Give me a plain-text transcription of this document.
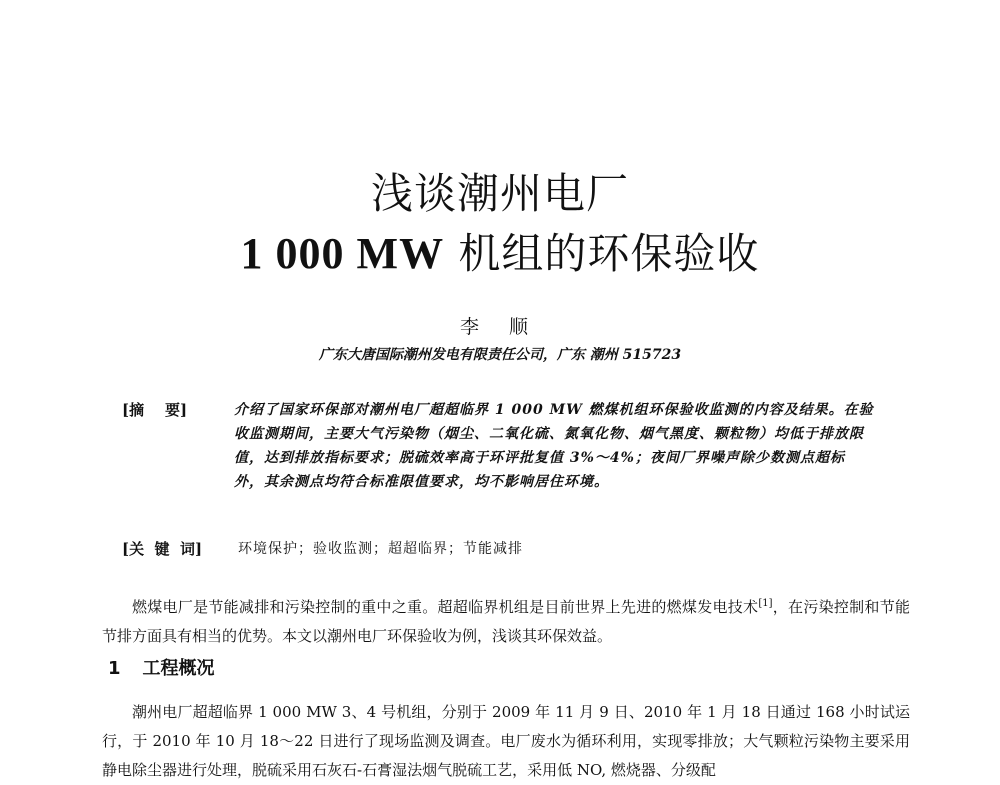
浅谈潮州电厂
1 000 MW 机组的环保验收
李 顺
广东大唐国际潮州发电有限责任公司，广东 潮州 515723
[摘    要]	介绍了国家环保部对潮州电厂超超临界 1 000 MW 燃煤机组环保验收监测的内容及结果。在验收监测期间，主要大气污染物（烟尘、二氧化硫、氮氧化物、烟气黑度、颗粒物）均低于排放限值，达到排放指标要求；脱硫效率高于环评批复值 3%～4%；夜间厂界噪声除少数测点超标外，其余测点均符合标准限值要求，均不影响居住环境。
[关  键  词]	环境保护；验收监测；超超临界；节能减排
燃煤电厂是节能减排和污染控制的重中之重。超超临界机组是目前世界上先进的燃煤发电技术[1]，在污染控制和节能节排方面具有相当的优势。本文以潮州电厂环保验收为例，浅谈其环保效益。
1 工程概况
潮州电厂超超临界 1 000 MW 3、4 号机组，分别于 2009 年 11 月 9 日、2010 年 1 月 18 日通过 168 小时试运行，于 2010 年 10 月 18～22 日进行了现场监测及调查。电厂废水为循环利用，实现零排放；大气颗粒污染物主要采用静电除尘器进行处理，脱硫采用石灰石-石膏湿法烟气脱硫工艺，采用低 NO, 燃烧器、分级配
